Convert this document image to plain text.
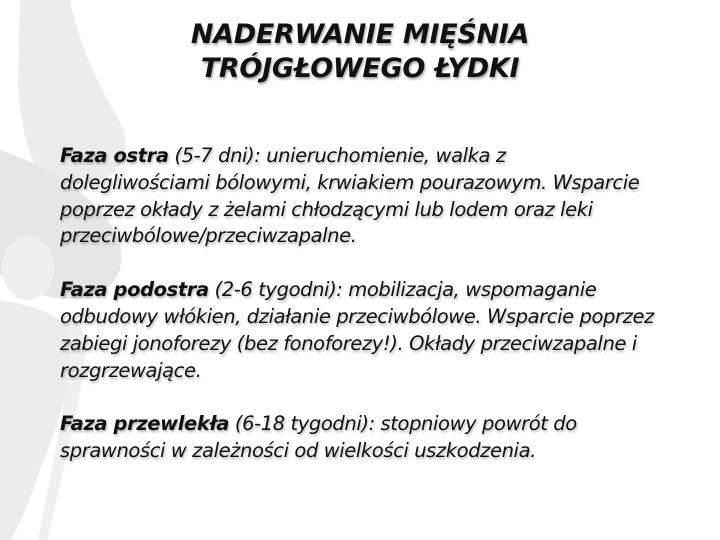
NADERWANIE MIĘŚNIA
TRÓJGŁOWEGO ŁYDKI

Faza ostra (5-7 dni): unieruchomienie, walka z dolegliwościami bólowymi, krwiakiem pourazowym. Wsparcie poprzez okłady z żelami chłodzącymi lub lodem oraz leki przeciwbólowe/przeciwzapalne.

Faza podostra (2-6 tygodni): mobilizacja, wspomaganie odbudowy włókien, działanie przeciwbólowe. Wsparcie poprzez zabiegi jonoforezy (bez fonoforezy!). Okłady przeciwzapalne i rozgrzewające.

Faza przewlekła (6-18 tygodni): stopniowy powrót do sprawności w zależności od wielkości uszkodzenia.
